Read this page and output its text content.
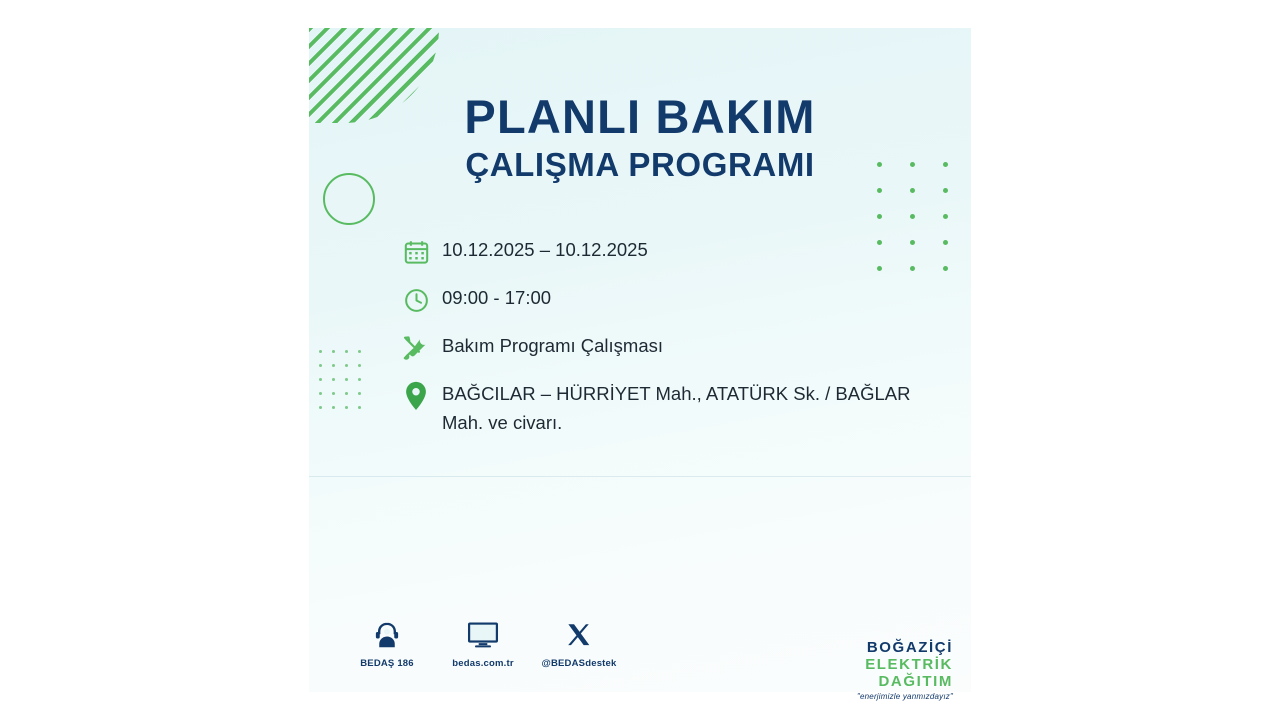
PLANLI BAKIM
ÇALIŞMA PROGRAMI
10.12.2025 – 10.12.2025
09:00 - 17:00
Bakım Programı Çalışması
BAĞCILAR – HÜRRİYET Mah., ATATÜRK Sk. / BAĞLAR Mah. ve civarı.
BEDAŞ 186	bedas.com.tr	@BEDASdestek
BOĞAZİÇİ
ELEKTRİK
DAĞITIM
"enerjimizle yanmızdayız"
